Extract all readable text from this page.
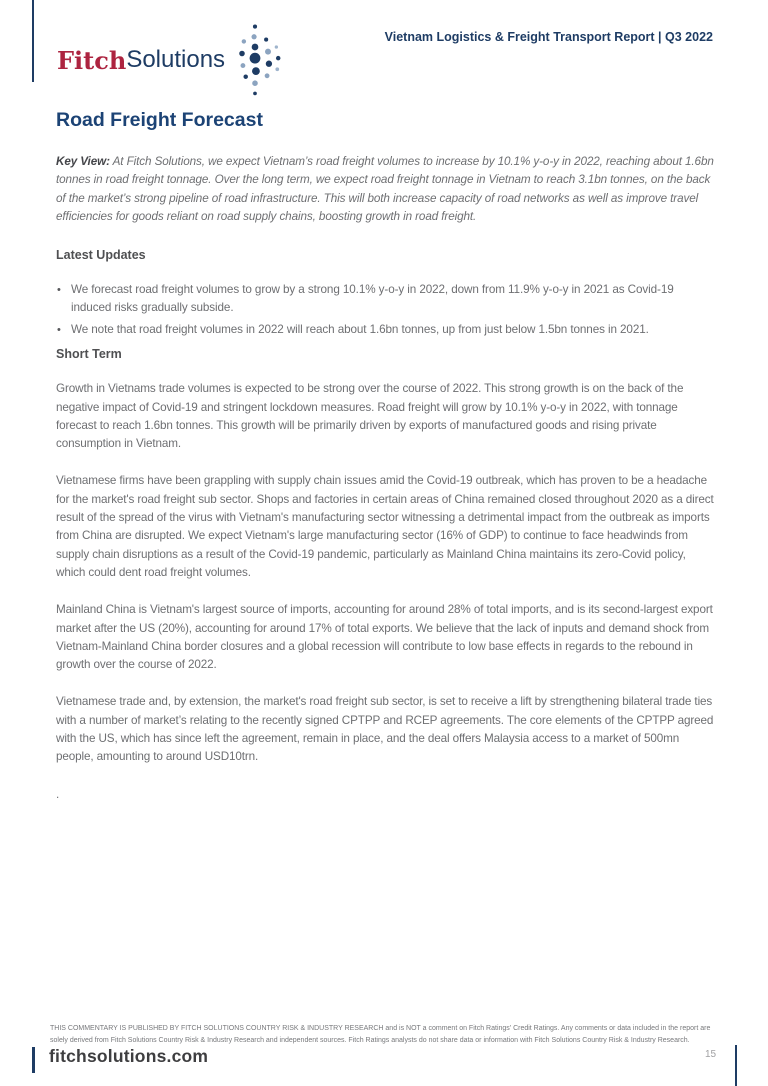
Fitch Solutions
Vietnam Logistics & Freight Transport Report | Q3 2022
Road Freight Forecast

Key View: At Fitch Solutions, we expect Vietnam’s road freight volumes to increase by 10.1% y-o-y in 2022, reaching about 1.6bn tonnes in road freight tonnage. Over the long term, we expect road freight tonnage in Vietnam to reach 3.1bn tonnes, on the back of the market’s strong pipeline of road infrastructure. This will both increase capacity of road networks as well as improve travel efficiencies for goods reliant on road supply chains, boosting growth in road freight.

Latest Updates
• We forecast road freight volumes to grow by a strong 10.1% y-o-y in 2022, down from 11.9% y-o-y in 2021 as Covid-19 induced risks gradually subside.
• We note that road freight volumes in 2022 will reach about 1.6bn tonnes, up from just below 1.5bn tonnes in 2021.
Short Term

Growth in Vietnams trade volumes is expected to be strong over the course of 2022. This strong growth is on the back of the negative impact of Covid-19 and stringent lockdown measures. Road freight will grow by 10.1% y-o-y in 2022, with tonnage forecast to reach 1.6bn tonnes. This growth will be primarily driven by exports of manufactured goods and rising private consumption in Vietnam.

Vietnamese firms have been grappling with supply chain issues amid the Covid-19 outbreak, which has proven to be a headache for the market's road freight sub sector. Shops and factories in certain areas of China remained closed throughout 2020 as a direct result of the spread of the virus with Vietnam's manufacturing sector witnessing a detrimental impact from the outbreak as imports from China are disrupted. We expect Vietnam's large manufacturing sector (16% of GDP) to continue to face headwinds from supply chain disruptions as a result of the Covid-19 pandemic, particularly as Mainland China maintains its zero-Covid policy, which could dent road freight volumes.

Mainland China is Vietnam's largest source of imports, accounting for around 28% of total imports, and is its second-largest export market after the US (20%), accounting for around 17% of total exports. We believe that the lack of inputs and demand shock from Vietnam-Mainland China border closures and a global recession will contribute to low base effects in regards to the rebound in growth over the course of 2022.

Vietnamese trade and, by extension, the market's road freight sub sector, is set to receive a lift by strengthening bilateral trade ties with a number of market’s relating to the recently signed CPTPP and RCEP agreements. The core elements of the CPTPP agreed with the US, which has since left the agreement, remain in place, and the deal offers Malaysia access to a market of 500mn people, amounting to around USD10trn.

.

THIS COMMENTARY IS PUBLISHED BY FITCH SOLUTIONS COUNTRY RISK & INDUSTRY RESEARCH and is NOT a comment on Fitch Ratings' Credit Ratings. Any comments or data included in the report are solely derived from Fitch Solutions Country Risk & Industry Research and independent sources. Fitch Ratings analysts do not share data or information with Fitch Solutions Country Risk & Industry Research.
fitchsolutions.com	15
